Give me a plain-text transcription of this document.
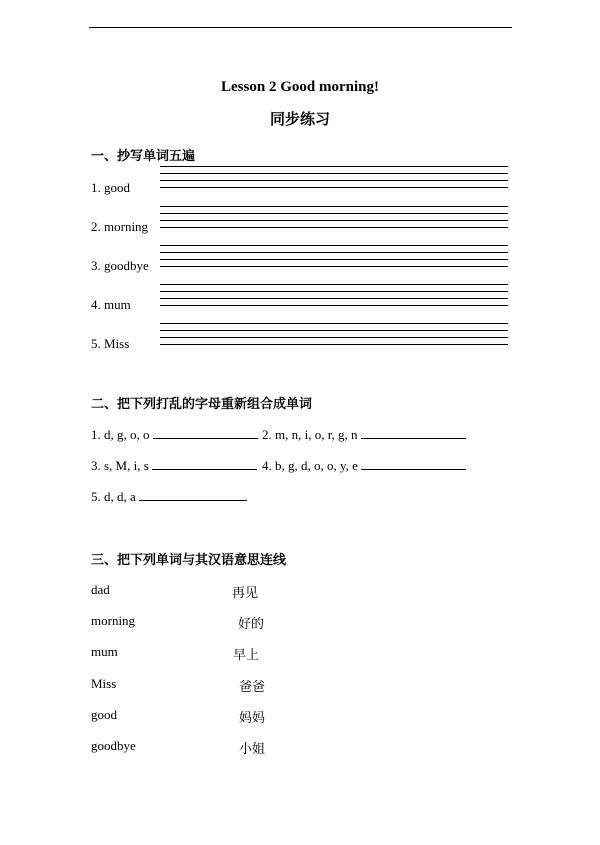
Lesson 2 Good morning!
同步练习
一、抄写单词五遍
1. good
2. morning
3. goodbye
4. mum
5. Miss
二、把下列打乱的字母重新组合成单词
1. d, g, o, o	2. m, n, i, o, r, g, n
3. s, M, i, s	4. b, g, d, o, o, y, e
5. d, d, a
三、把下列单词与其汉语意思连线
dad	再见
morning	好的
mum	早上
Miss	爸爸
good	妈妈
goodbye	小姐
